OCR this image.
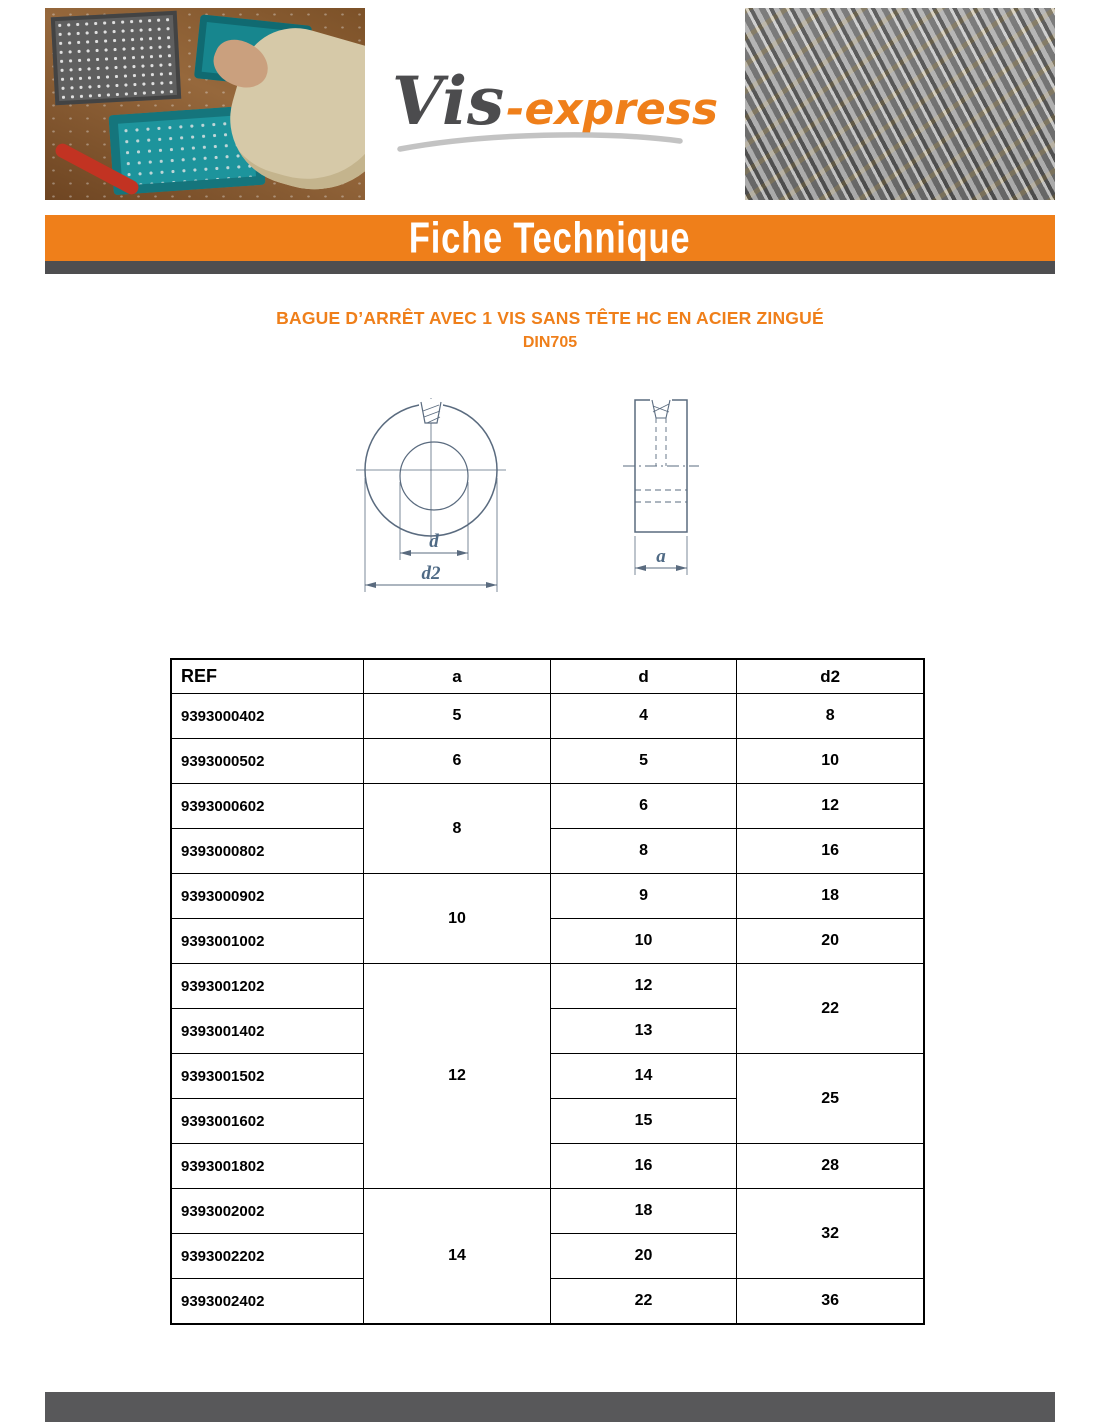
Vis-express
Fiche Technique
BAGUE D’ARRÊT AVEC 1 VIS SANS TÊTE HC EN ACIER ZINGUÉ
DIN705
d
d2
a
REF	a	d	d2
9393000402	5	4	8
9393000502	6	5	10
9393000602	8	6	12
9393000802		8	16
9393000902	10	9	18
9393001002		10	20
9393001202	12	12	22
9393001402		13	
9393001502		14	25
9393001602		15	
9393001802		16	28
9393002002	14	18	32
9393002202		20	
9393002402		22	36
